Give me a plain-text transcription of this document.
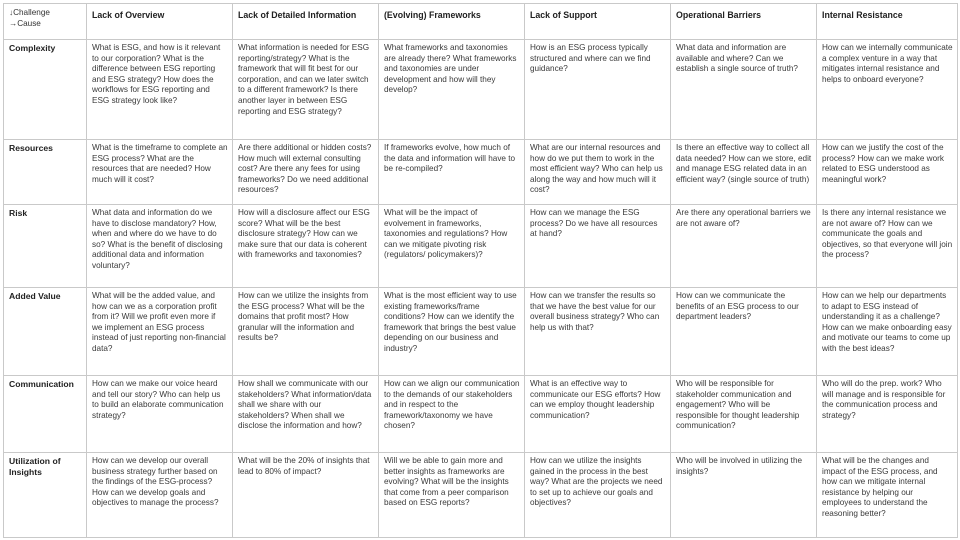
↓Challenge
→Cause	Lack of Overview	Lack of Detailed Information	(Evolving) Frameworks	Lack of Support	Operational Barriers	Internal Resistance
Complexity	What is ESG, and how is it relevant to our corporation? What is the difference between ESG reporting and ESG strategy? How does the workflows for ESG reporting and ESG strategy look like?	What information is needed for ESG reporting/strategy? What is the framework that will fit best for our corporation, and can we later switch to a different framework? Is there another layer in between ESG reporting and ESG strategy?	What frameworks and taxonomies are already there? What frameworks and taxonomies are under development and how will they develop?	How is an ESG process typically structured and where can we find guidance?	What data and information are available and where? Can we establish a single source of truth?	How can we internally communicate a complex venture in a way that mitigates internal resistance and helps to onboard everyone?
Resources	What is the timeframe to complete an ESG process? What are the resources that are needed? How much will it cost?	Are there additional or hidden costs? How much will external consulting cost? Are there any fees for using frameworks? Do we need additional resources?	If frameworks evolve, how much of the data and information will have to be re-compiled?	What are our internal resources and how do we put them to work in the most efficient way? Who can help us along the way and how much will it cost?	Is there an effective way to collect all data needed? How can we store, edit and manage ESG related data in an efficient way? (single source of truth)	How can we justify the cost of the process? How can we make work related to ESG understood as meaningful work?
Risk	What data and information do we have to disclose mandatory? How, when and where do we have to do so? What is the benefit of disclosing additional data and information voluntary?	How will a disclosure affect our ESG score? What will be the best disclosure strategy? How can we make sure that our data is coherent with frameworks and taxonomies?	What will be the impact of evolvement in frameworks, taxonomies and regulations? How can we mitigate pivoting risk (regulators/ policymakers)?	How can we manage the ESG process? Do we have all resources at hand?	Are there any operational barriers we are not aware of?	Is there any internal resistance we are not aware of? How can we communicate the goals and objectives, so that everyone will join the process?
Added Value	What will be the added value, and how can we as a corporation profit from it? Will we profit even more if we implement an ESG process instead of just reporting non-financial data?	How can we utilize the insights from the ESG process? What will be the domains that profit most? How granular will the information and results be?	What is the most efficient way to use existing frameworks/frame conditions? How can we identify the framework that brings the best value depending on our business and industry?	How can we transfer the results so that we have the best value for our overall business strategy? Who can help us with that?	How can we communicate the benefits of an ESG process to our department leaders?	How can we help our departments to adapt to ESG instead of understanding it as a challenge? How can we make onboarding easy and motivate our teams to come up with the best ideas?
Communication	How can we make our voice heard and tell our story? Who can help us to build an elaborate communication strategy?	How shall we communicate with our stakeholders? What information/data shall we share with our stakeholders? When shall we disclose the information and how?	How can we align our communication to the demands of our stakeholders and in respect to the framework/taxonomy we have chosen?	What is an effective way to communicate our ESG efforts? How can we employ thought leadership communication?	Who will be responsible for stakeholder communication and engagement? Who will be responsible for thought leadership communication?	Who will do the prep. work? Who will manage and is responsible for the communication process and strategy?
Utilization of Insights	How can we develop our overall business strategy further based on the findings of the ESG-process? How can we develop goals and objectives to manage the process?	What will be the 20% of insights that lead to 80% of impact?	Will we be able to gain more and better insights as frameworks are evolving? What will be the insights that come from a peer comparison based on ESG reports?	How can we utilize the insights gained in the process in the best way? What are the projects we need to set up to achieve our goals and objectives?	Who will be involved in utilizing the insights?	What will be the changes and impact of the ESG process, and how can we mitigate internal resistance by helping our employees to understand the reasoning better?
